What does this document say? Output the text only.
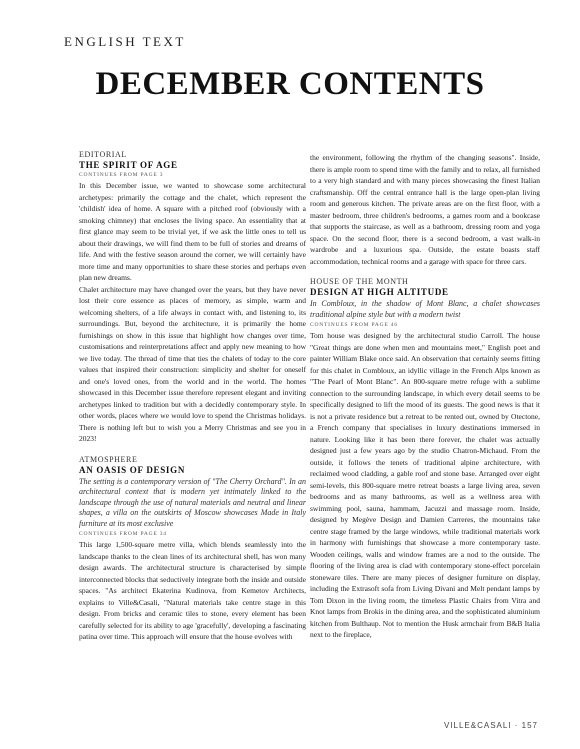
ENGLISH TEXT
DECEMBER CONTENTS
EDITORIAL
THE SPIRIT OF AGE
CONTINUES FROM PAGE 3

In this December issue, we wanted to showcase some architectural archetypes: primarily the cottage and the chalet, which represent the 'childish' idea of home. A square with a pitched roof (obviously with a smoking chimney) that encloses the living space. An essentiality that at first glance may seem to be trivial yet, if we ask the little ones to tell us about their drawings, we will find them to be full of stories and dreams of life. And with the festive season around the corner, we will certainly have more time and many opportunities to share these stories and perhaps even plan new dreams.

Chalet architecture may have changed over the years, but they have never lost their core essence as places of memory, as simple, warm and welcoming shelters, of a life always in contact with, and listening to, its surroundings. But, beyond the architecture, it is primarily the home furnishings on show in this issue that highlight how changes over time, customisations and reinterpretations affect and apply new meaning to how we live today. The thread of time that ties the chalets of today to the core values that inspired their construction: simplicity and shelter for oneself and one's loved ones, from the world and in the world. The homes showcased in this December issue therefore represent elegant and inviting archetypes linked to tradition but with a decidedly contemporary style. In other words, places where we would love to spend the Christmas holidays. There is nothing left but to wish you a Merry Christmas and see you in 2023!

ATMOSPHERE
AN OASIS OF DESIGN
The setting is a contemporary version of "The Cherry Orchard". In an architectural context that is modern yet intimately linked to the landscape through the use of natural materials and neutral and linear shapes, a villa on the outskirts of Moscow showcases Made in Italy furniture at its most exclusive
CONTINUES FROM PAGE 34

This large 1,500-square metre villa, which blends seamlessly into the landscape thanks to the clean lines of its architectural shell, has won many design awards. The architectural structure is characterised by simple interconnected blocks that seductively integrate both the inside and outside spaces. "As architect Ekaterina Kudinova, from Kemetov Architects, explains to Ville&Casali, "Natural materials take centre stage in this design. From bricks and ceramic tiles to stone, every element has been carefully selected for its ability to age 'gracefully', developing a fascinating patina over time. This approach will ensure that the house evolves with

the environment, following the rhythm of the changing seasons". Inside, there is ample room to spend time with the family and to relax, all furnished to a very high standard and with many pieces showcasing the finest Italian craftsmanship. Off the central entrance hall is the large open-plan living room and generous kitchen. The private areas are on the first floor, with a master bedroom, three children's bedrooms, a games room and a bookcase that supports the staircase, as well as a bathroom, dressing room and yoga space. On the second floor, there is a second bedroom, a vast walk-in wardrobe and a luxurious spa. Outside, the estate boasts staff accommodation, technical rooms and a garage with space for three cars.

HOUSE OF THE MONTH
DESIGN AT HIGH ALTITUDE
In Combloux, in the shadow of Mont Blanc, a chalet showcases traditional alpine style but with a modern twist
CONTINUES FROM PAGE 46

Tom house was designed by the architectural studio Carroll. The house "Great things are done when men and mountains meet," English poet and painter William Blake once said. An observation that certainly seems fitting for this chalet in Combloux, an idyllic village in the French Alps known as "The Pearl of Mont Blanc". An 800-square metre refuge with a sublime connection to the surrounding landscape, in which every detail seems to be specifically designed to lift the mood of its guests. The good news is that it is not a private residence but a retreat to be rented out, owned by Otectone, a French company that specialises in luxury destinations immersed in nature. Looking like it has been there forever, the chalet was actually designed just a few years ago by the studio Chatron-Michaud. From the outside, it follows the tenets of traditional alpine architecture, with reclaimed wood cladding, a gable roof and stone base. Arranged over eight semi-levels, this 800-square metre retreat boasts a large living area, seven bedrooms and as many bathrooms, as well as a wellness area with swimming pool, sauna, hammam, Jacuzzi and massage room. Inside, designed by Megève Design and Damien Carreres, the mountains take centre stage framed by the large windows, while traditional materials work in harmony with furnishings that showcase a more contemporary taste. Wooden ceilings, walls and window frames are a nod to the outside. The flooring of the living area is clad with contemporary stone-effect porcelain stoneware tiles. There are many pieces of designer furniture on display, including the Extrasoft sofa from Living Divani and Melt pendant lamps by Tom Dixon in the living room, the timeless Plastic Chairs from Vitra and Knot lamps from Brokis in the dining area, and the sophisticated aluminium kitchen from Bulthaup. Not to mention the Husk armchair from B&B Italia next to the fireplace,

VILLE&CASALI · 157
